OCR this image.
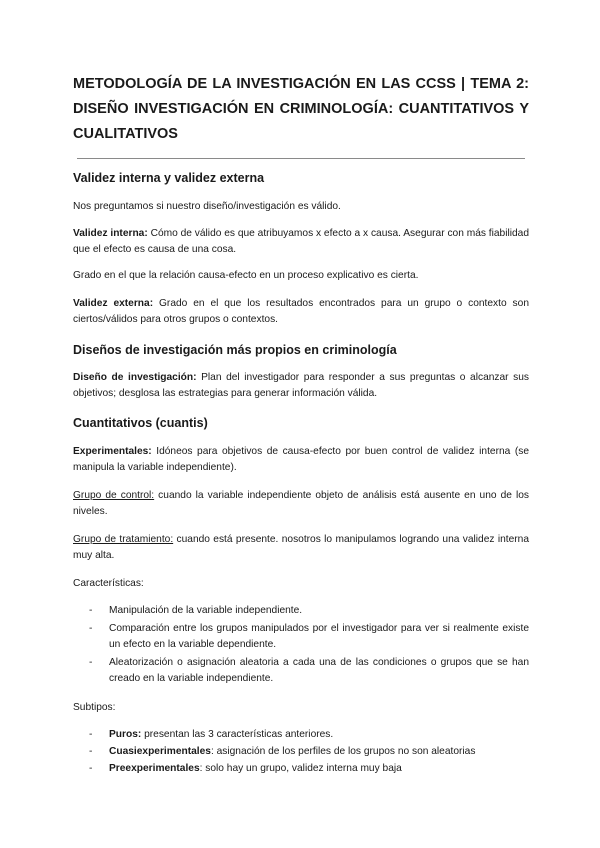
METODOLOGÍA DE LA INVESTIGACIÓN EN LAS CCSS | TEMA 2: DISEÑO INVESTIGACIÓN EN CRIMINOLOGÍA: CUANTITATIVOS Y CUALITATIVOS
Validez interna y validez externa

Nos preguntamos si nuestro diseño/investigación es válido.

Validez interna: Cómo de válido es que atribuyamos x efecto a x causa. Asegurar con más fiabilidad que el efecto es causa de una cosa.

Grado en el que la relación causa-efecto en un proceso explicativo es cierta.

Validez externa: Grado en el que los resultados encontrados para un grupo o contexto son ciertos/válidos para otros grupos o contextos.

Diseños de investigación más propios en criminología

Diseño de investigación: Plan del investigador para responder a sus preguntas o alcanzar sus objetivos; desglosa las estrategias para generar información válida.

Cuantitativos (cuantis)

Experimentales: Idóneos para objetivos de causa-efecto por buen control de validez interna (se manipula la variable independiente).

Grupo de control: cuando la variable independiente objeto de análisis está ausente en uno de los niveles.

Grupo de tratamiento: cuando está presente. nosotros lo manipulamos logrando una validez interna muy alta.

Características:

- Manipulación de la variable independiente.
- Comparación entre los grupos manipulados por el investigador para ver si realmente existe un efecto en la variable dependiente.
- Aleatorización o asignación aleatoria a cada una de las condiciones o grupos que se han creado en la variable independiente.

Subtipos:

- Puros: presentan las 3 características anteriores.
- Cuasiexperimentales: asignación de los perfiles de los grupos no son aleatorias
- Preexperimentales: solo hay un grupo, validez interna muy baja
